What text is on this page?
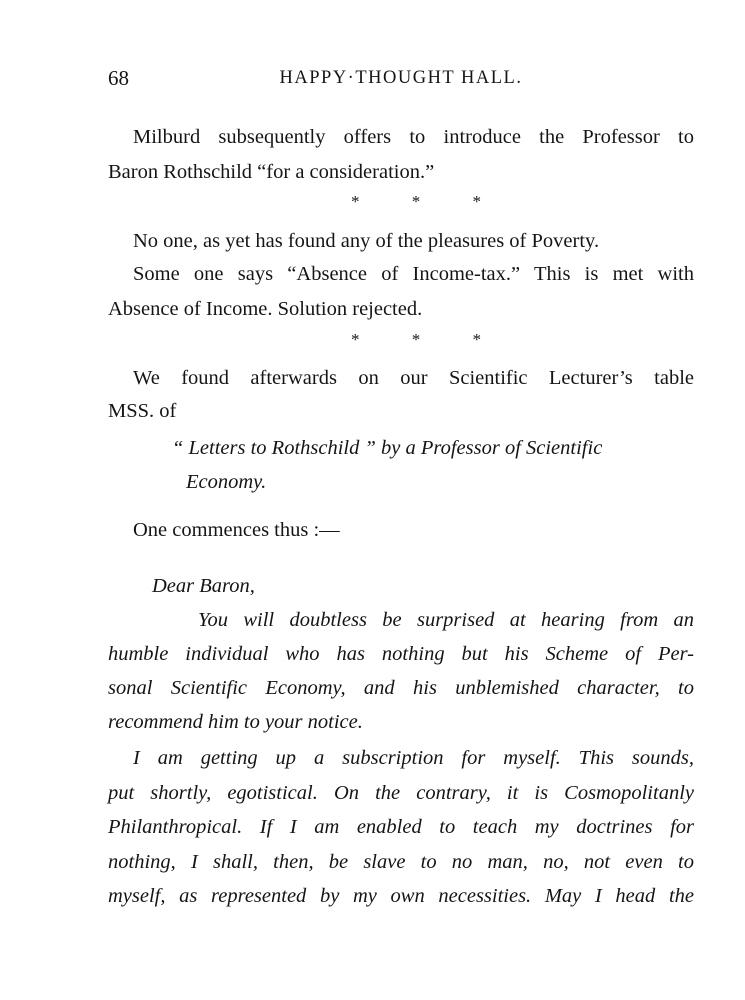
68	HAPPY·THOUGHT HALL.
Milburd subsequently offers to introduce the Professor to
Baron Rothschild “for a consideration.”
* * *
No one, as yet has found any of the pleasures of Poverty.
Some one says “Absence of Income-tax.” This is met with
Absence of Income. Solution rejected.
* * *
We found afterwards on our Scientific Lecturer’s table
MSS. of
“ Letters to Rothschild ” by a Professor of Scientific
Economy.
One commences thus :—
Dear Baron,
You will doubtless be surprised at hearing from an
humble individual who has nothing but his Scheme of Per-
sonal Scientific Economy, and his unblemished character, to
recommend him to your notice.
I am getting up a subscription for myself. This sounds,
put shortly, egotistical. On the contrary, it is Cosmopolitanly
Philanthropical. If I am enabled to teach my doctrines for
nothing, I shall, then, be slave to no man, no, not even to
myself, as represented by my own necessities. May I head the
